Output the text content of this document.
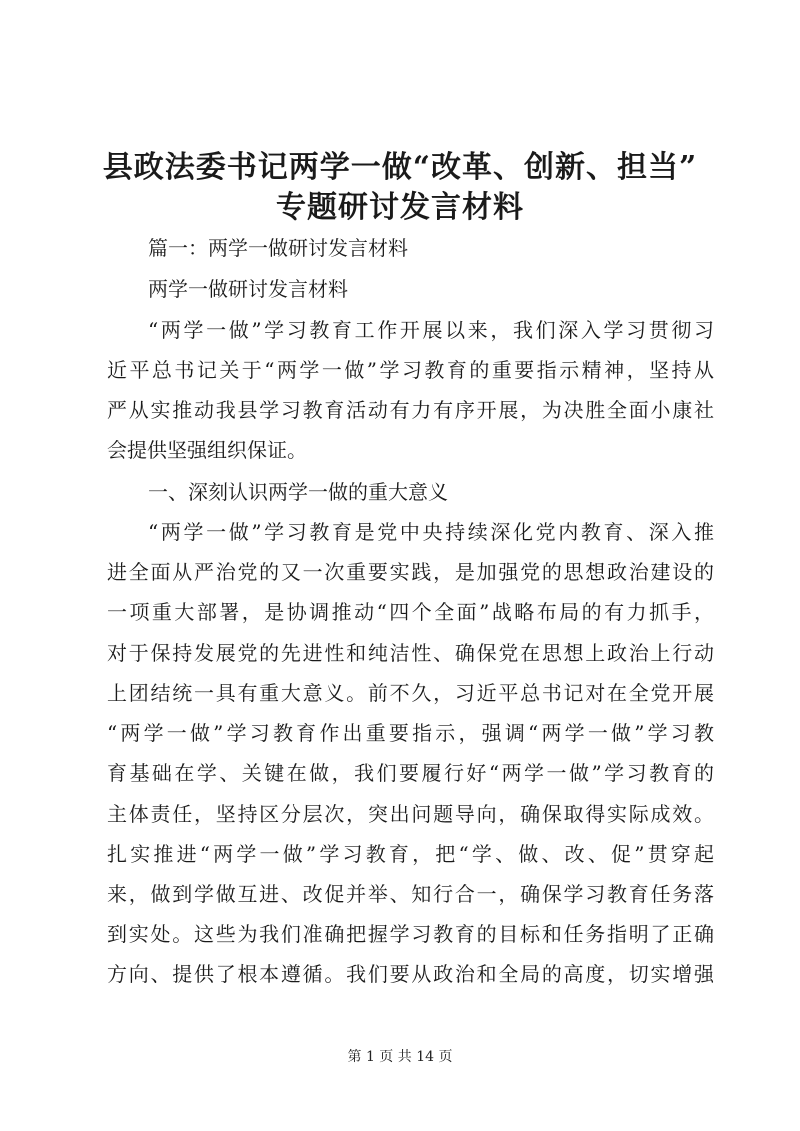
县政法委书记两学一做“改革、创新、担当”
专题研讨发言材料
篇一：两学一做研讨发言材料
两学一做研讨发言材料
“两学一做”学习教育工作开展以来，我们深入学习贯彻习
近平总书记关于“两学一做”学习教育的重要指示精神，坚持从
严从实推动我县学习教育活动有力有序开展，为决胜全面小康社
会提供坚强组织保证。
一、深刻认识两学一做的重大意义
“两学一做”学习教育是党中央持续深化党内教育、深入推
进全面从严治党的又一次重要实践，是加强党的思想政治建设的
一项重大部署，是协调推动“四个全面”战略布局的有力抓手，
对于保持发展党的先进性和纯洁性、确保党在思想上政治上行动
上团结统一具有重大意义。前不久，习近平总书记对在全党开展
“两学一做”学习教育作出重要指示，强调“两学一做”学习教
育基础在学、关键在做，我们要履行好“两学一做”学习教育的
主体责任，坚持区分层次，突出问题导向，确保取得实际成效。
扎实推进“两学一做”学习教育，把“学、做、改、促”贯穿起
来，做到学做互进、改促并举、知行合一，确保学习教育任务落
到实处。这些为我们准确把握学习教育的目标和任务指明了正确
方向、提供了根本遵循。我们要从政治和全局的高度，切实增强
第 1 页 共 14 页
